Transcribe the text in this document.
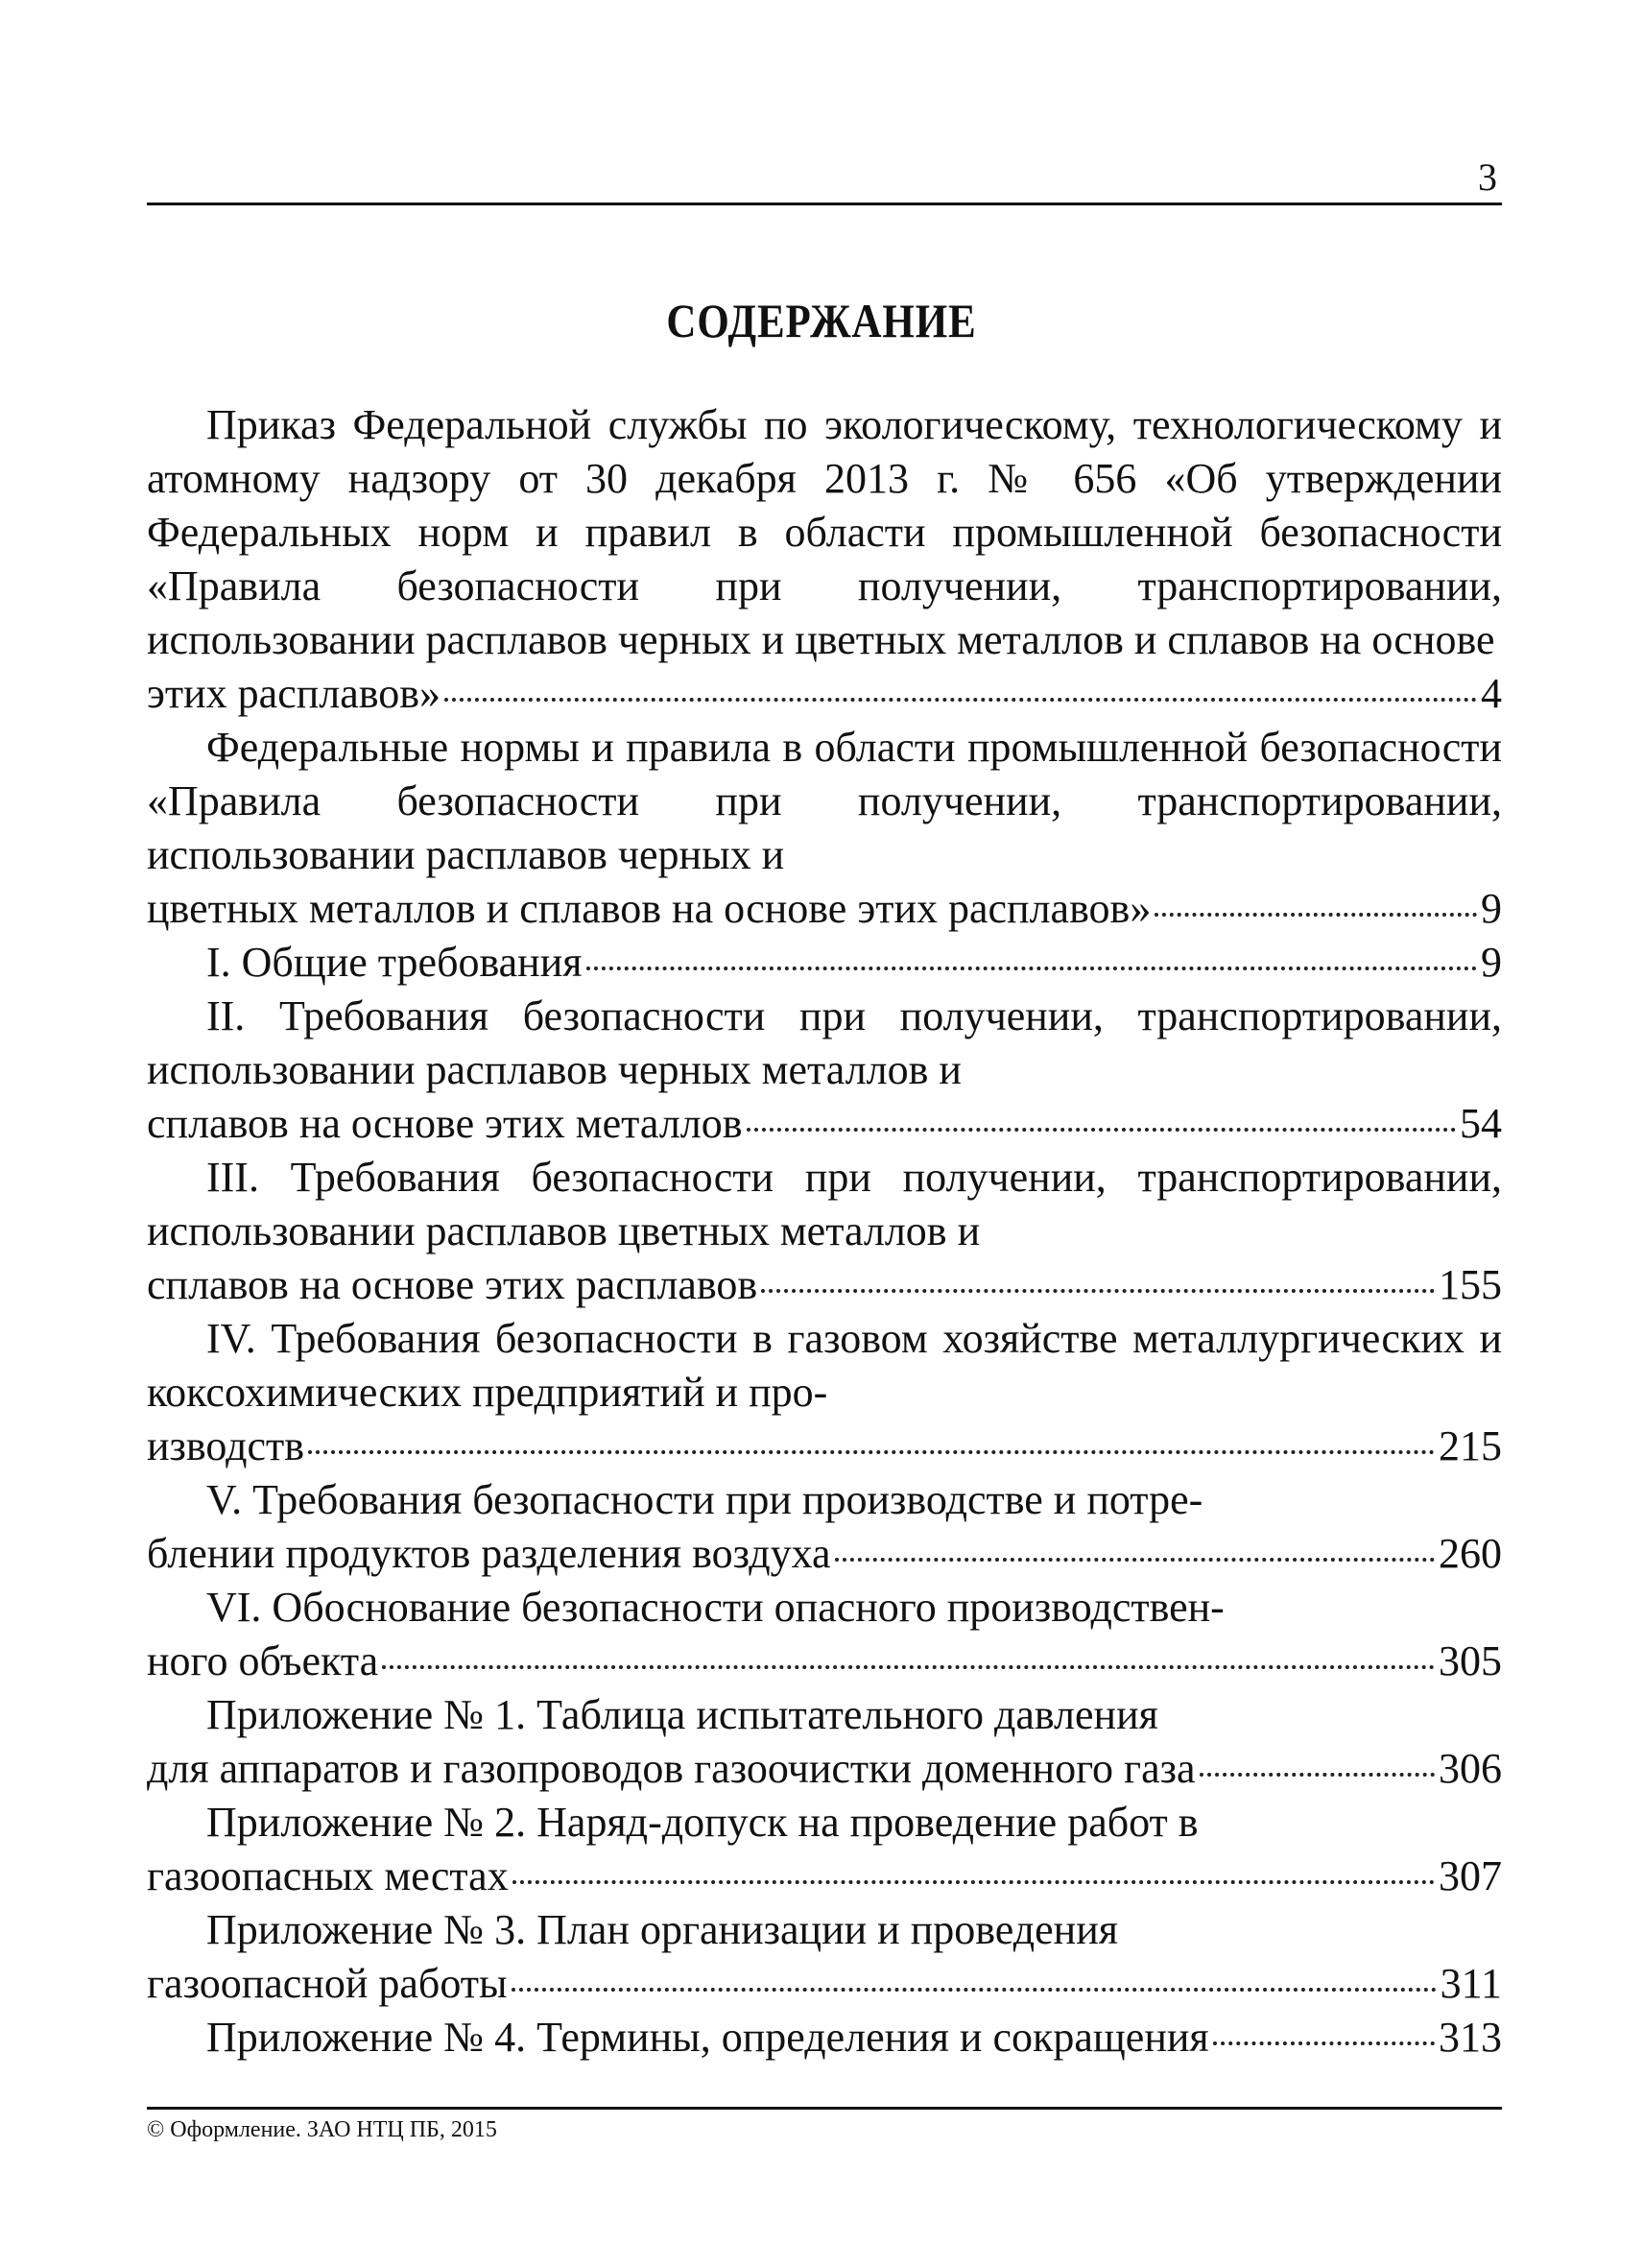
3
СОДЕРЖАНИЕ

Приказ Федеральной службы по экологическому, технологическому и атомному надзору от 30 декабря 2013 г. № 656 «Об утверждении Федеральных норм и правил в области промышленной безопасности «Правила безопасности при получении, транспортировании, использовании расплавов черных и цветных металлов и сплавов на основе

этих расплавов»	4

Федеральные нормы и правила в области промышленной безопасности «Правила безопасности при получении, транспортировании, использовании расплавов черных и

цветных металлов и сплавов на основе этих расплавов»	9
I. Общие требования	9

II. Требования безопасности при получении, транспортировании, использовании расплавов черных металлов и

сплавов на основе этих металлов	54

III. Требования безопасности при получении, транспортировании, использовании расплавов цветных металлов и

сплавов на основе этих расплавов	155

IV. Требования безопасности в газовом хозяйстве металлургических и коксохимических предприятий и про-

изводств	215

V. Требования безопасности при производстве и потре-

блении продуктов разделения воздуха	260

VI. Обоснование безопасности опасного производствен-

ного объекта	305

Приложение № 1. Таблица испытательного давления

для аппаратов и газопроводов газоочистки доменного газа	306

Приложение № 2. Наряд-допуск на проведение работ в

газоопасных местах	307

Приложение № 3. План организации и проведения

газоопасной работы	311
Приложение № 4. Термины, определения и сокращения	313
© Оформление. ЗАО НТЦ ПБ, 2015
